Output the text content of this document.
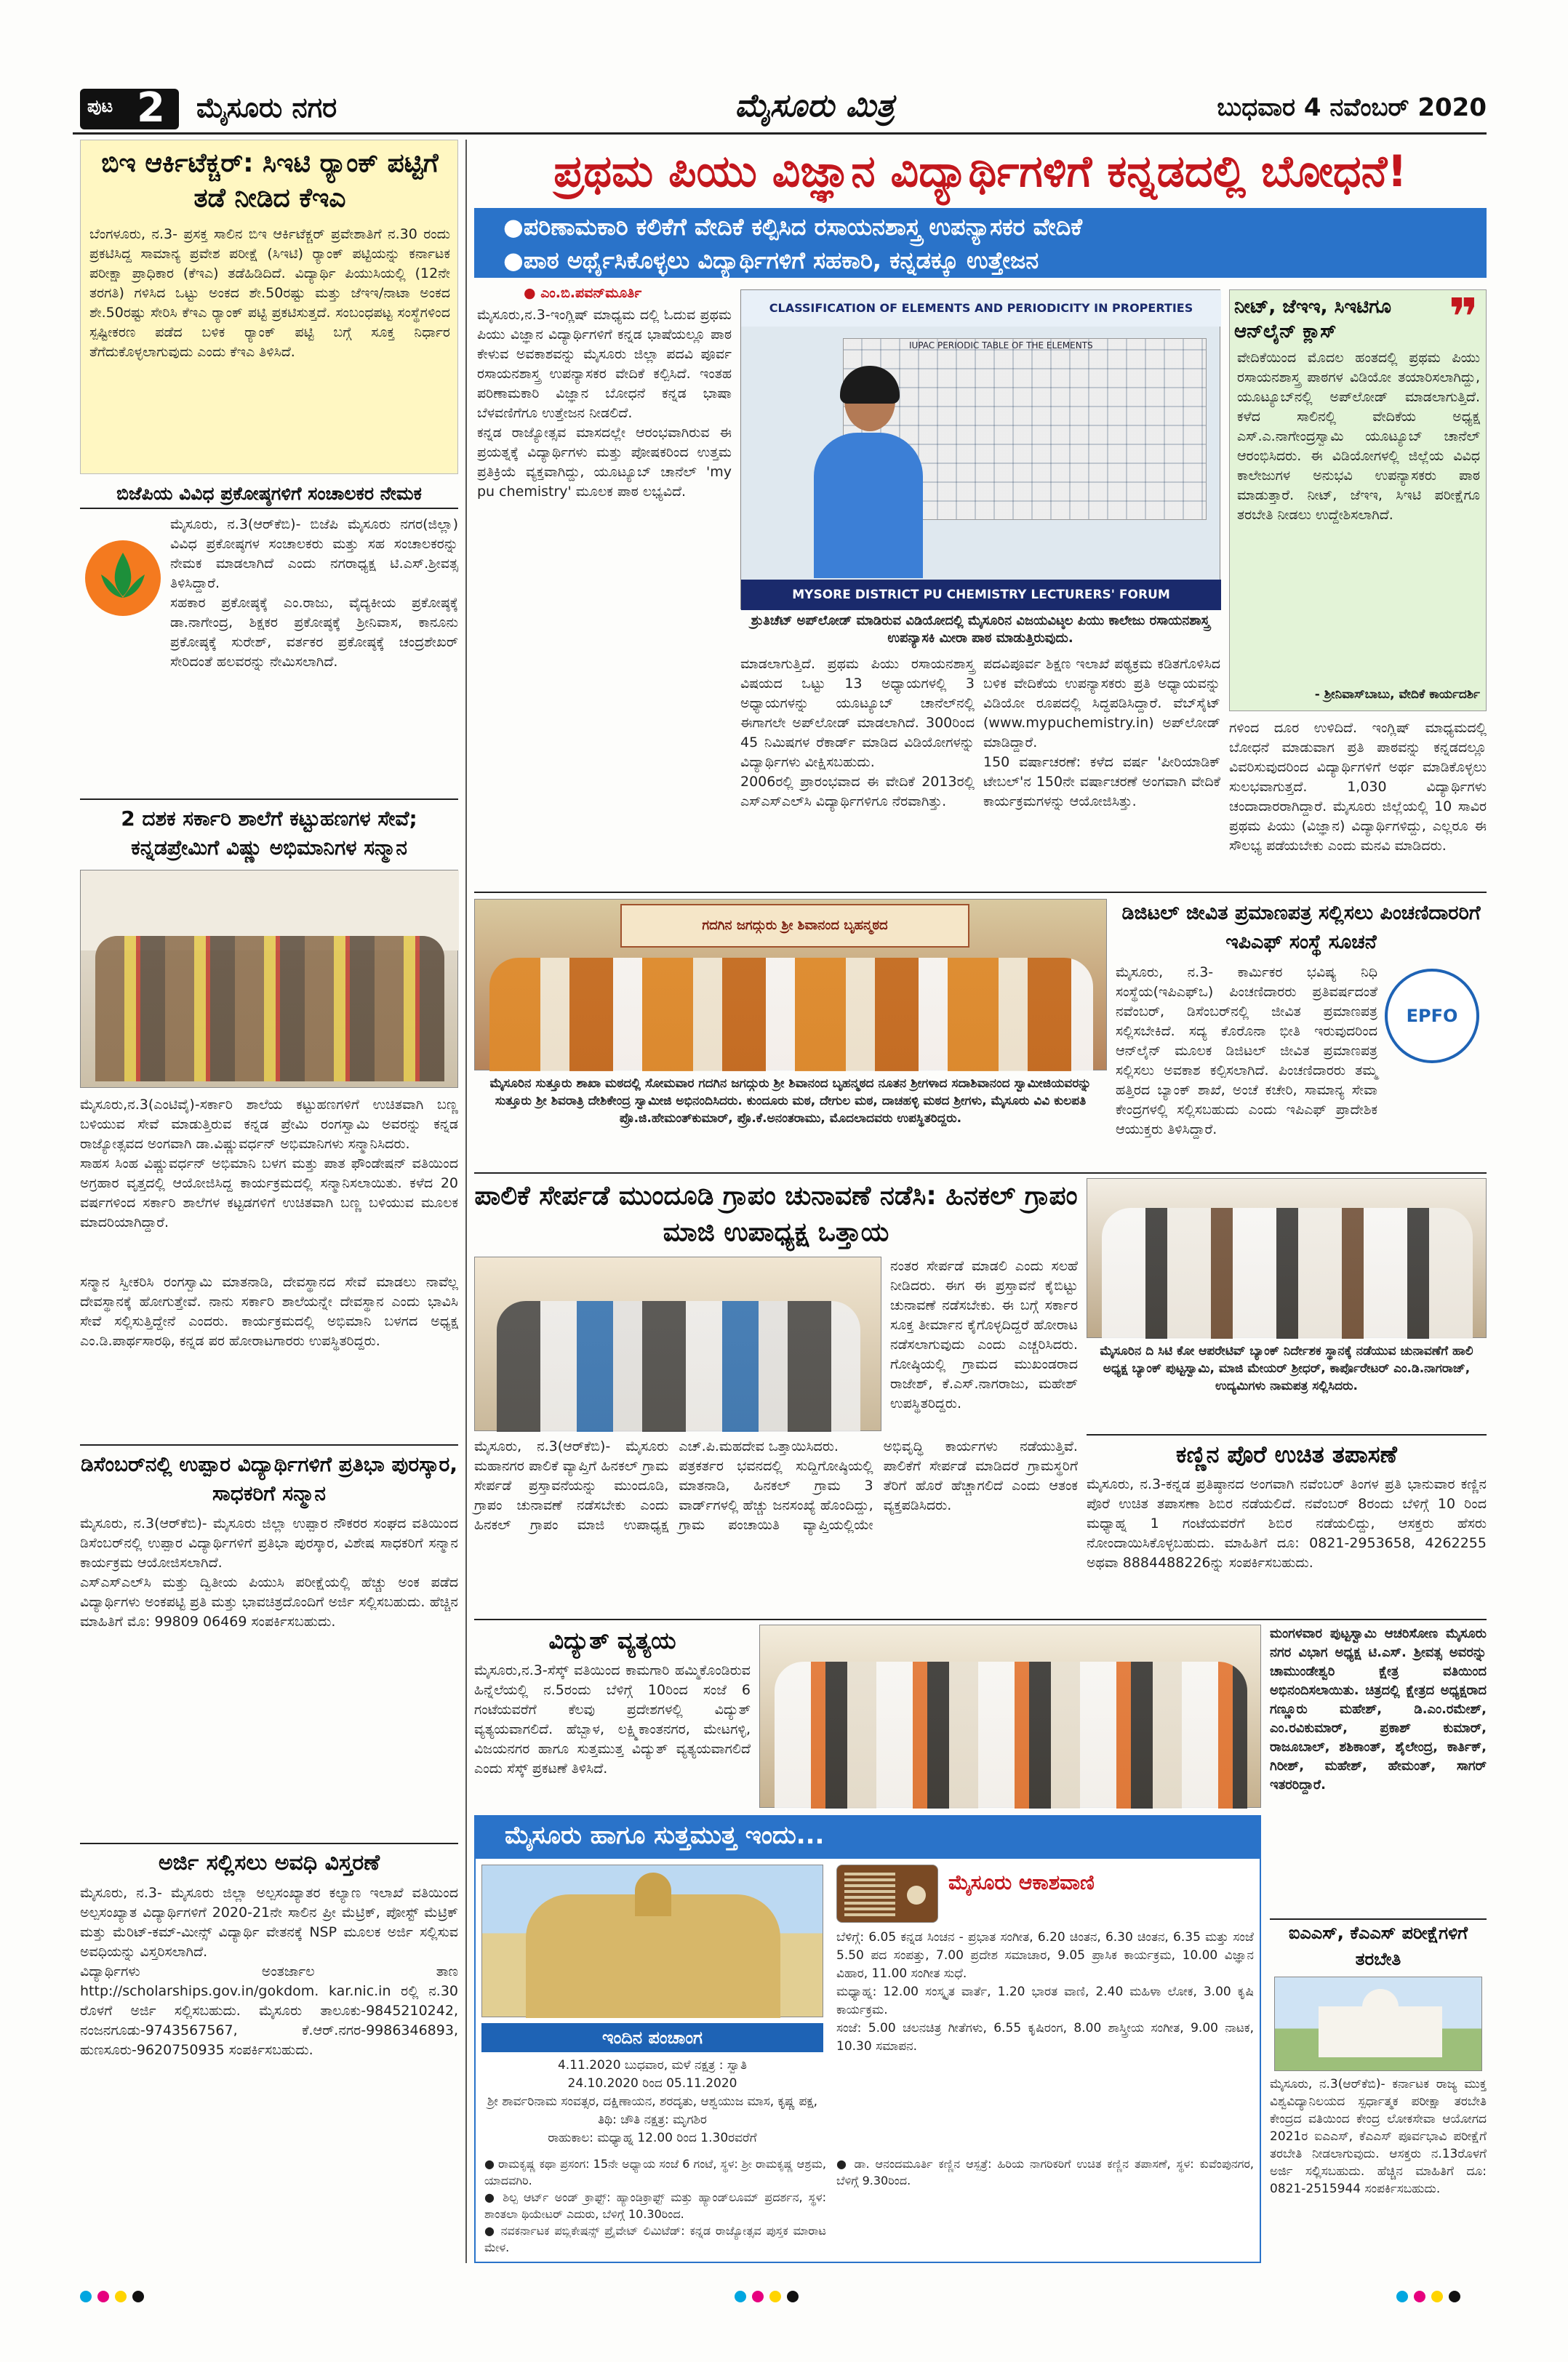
ಪುಟ 2 ಮೈಸೂರು ನಗರ	ಮೈಸೂರು ಮಿತ್ರ	ಬುಧವಾರ 4 ನವೆಂಬರ್ 2020
ಬಿಇ ಆರ್ಕಿಟೆಕ್ಚರ್: ಸಿಇಟಿ ರ‍್ಯಾಂಕ್ ಪಟ್ಟಿಗೆ ತಡೆ ನೀಡಿದ ಕೆಇಎ
ಬೆಂಗಳೂರು, ನ.3- ಪ್ರಸಕ್ತ ಸಾಲಿನ ಬಿಇ ಆರ್ಕಿಟೆಕ್ಚರ್ ಪ್ರವೇಶಾತಿಗೆ ನ.30 ರಂದು ಪ್ರಕಟಿಸಿದ್ದ ಸಾಮಾನ್ಯ ಪ್ರವೇಶ ಪರೀಕ್ಷೆ (ಸಿಇಟಿ) ರ‍್ಯಾಂಕ್ ಪಟ್ಟಿಯನ್ನು ಕರ್ನಾಟಕ ಪರೀಕ್ಷಾ ಪ್ರಾಧಿಕಾರ (ಕೆಇಎ) ತಡೆಹಿಡಿದಿದೆ. ವಿದ್ಯಾರ್ಥಿ ಪಿಯುಸಿಯಲ್ಲಿ (12ನೇ ತರಗತಿ) ಗಳಿಸಿದ ಒಟ್ಟು ಅಂಕದ ಶೇ.50ರಷ್ಟು ಮತ್ತು ಜೆಇಇ/ನಾಟಾ ಅಂಕದ ಶೇ.50ರಷ್ಟು ಸೇರಿಸಿ ಕೆಇಎ ರ‍್ಯಾಂಕ್ ಪಟ್ಟಿ ಪ್ರಕಟಿಸುತ್ತದೆ. ಸಂಬಂಧಪಟ್ಟ ಸಂಸ್ಥೆಗಳಿಂದ ಸ್ಪಷ್ಟೀಕರಣ ಪಡೆದ ಬಳಿಕ ರ‍್ಯಾಂಕ್ ಪಟ್ಟಿ ಬಗ್ಗೆ ಸೂಕ್ತ ನಿರ್ಧಾರ ತೆಗೆದುಕೊಳ್ಳಲಾಗುವುದು ಎಂದು ಕೆಇಎ ತಿಳಿಸಿದೆ.
ಬಿಜೆಪಿಯ ವಿವಿಧ ಪ್ರಕೋಷ್ಠಗಳಿಗೆ ಸಂಚಾಲಕರ ನೇಮಕ
ಮೈಸೂರು, ನ.3(ಆರ್‌ಕೆಬಿ)- ಬಿಜೆಪಿ ಮೈಸೂರು ನಗರ(ಜಿಲ್ಲಾ) ವಿವಿಧ ಪ್ರಕೋಷ್ಠಗಳ ಸಂಚಾಲಕರು ಮತ್ತು ಸಹ ಸಂಚಾಲಕರನ್ನು ನೇಮಕ ಮಾಡಲಾಗಿದೆ ಎಂದು ನಗರಾಧ್ಯಕ್ಷ ಟಿ.ಎಸ್.ಶ್ರೀವತ್ಸ ತಿಳಿಸಿದ್ದಾರೆ.
ಸಹಕಾರ ಪ್ರಕೋಷ್ಠಕ್ಕೆ ಎಂ.ರಾಜು, ವೈದ್ಯಕೀಯ ಪ್ರಕೋಷ್ಠಕ್ಕೆ ಡಾ.ನಾಗೇಂದ್ರ, ಶಿಕ್ಷಕರ ಪ್ರಕೋಷ್ಠಕ್ಕೆ ಶ್ರೀನಿವಾಸ, ಕಾನೂನು ಪ್ರಕೋಷ್ಠಕ್ಕೆ ಸುರೇಶ್, ವರ್ತಕರ ಪ್ರಕೋಷ್ಠಕ್ಕೆ ಚಂದ್ರಶೇಖರ್ ಸೇರಿದಂತೆ ಹಲವರನ್ನು ನೇಮಿಸಲಾಗಿದೆ.
2 ದಶಕ ಸರ್ಕಾರಿ ಶಾಲೆಗೆ ಕಟ್ಟುಹಣಗಳ ಸೇವೆ; ಕನ್ನಡಪ್ರೇಮಿಗೆ ವಿಷ್ಣು ಅಭಿಮಾನಿಗಳ ಸನ್ಮಾನ
ಮೈಸೂರು,ನ.3(ಎಂಟಿವೈ)-ಸರ್ಕಾರಿ ಶಾಲೆಯ ಕಟ್ಟುಹಣಗಳಿಗೆ ಉಚಿತವಾಗಿ ಬಣ್ಣ ಬಳಿಯುವ ಸೇವೆ ಮಾಡುತ್ತಿರುವ ಕನ್ನಡ ಪ್ರೇಮಿ ರಂಗಸ್ವಾಮಿ ಅವರನ್ನು ಕನ್ನಡ ರಾಜ್ಯೋತ್ಸವದ ಅಂಗವಾಗಿ ಡಾ.ವಿಷ್ಣುವರ್ಧನ್ ಅಭಿಮಾನಿಗಳು ಸನ್ಮಾನಿಸಿದರು.
ಸಾಹಸ ಸಿಂಹ ವಿಷ್ಣುವರ್ಧನ್ ಅಭಿಮಾನಿ ಬಳಗ ಮತ್ತು ಪಾತ ಫೌಂಡೇಷನ್ ವತಿಯಿಂದ ಅಗ್ರಹಾರ ವೃತ್ತದಲ್ಲಿ ಆಯೋಜಿಸಿದ್ದ ಕಾರ್ಯಕ್ರಮದಲ್ಲಿ ಸನ್ಮಾನಿಸಲಾಯಿತು. ಕಳೆದ 20 ವರ್ಷಗಳಿಂದ ಸರ್ಕಾರಿ ಶಾಲೆಗಳ ಕಟ್ಟಡಗಳಿಗೆ ಉಚಿತವಾಗಿ ಬಣ್ಣ ಬಳಿಯುವ ಮೂಲಕ ಮಾದರಿಯಾಗಿದ್ದಾರೆ.
ಸನ್ಮಾನ ಸ್ವೀಕರಿಸಿ ರಂಗಸ್ವಾಮಿ ಮಾತನಾಡಿ, ದೇವಸ್ಥಾನದ ಸೇವೆ ಮಾಡಲು ನಾವೆಲ್ಲ ದೇವಸ್ಥಾನಕ್ಕೆ ಹೋಗುತ್ತೇವೆ. ನಾನು ಸರ್ಕಾರಿ ಶಾಲೆಯನ್ನೇ ದೇವಸ್ಥಾನ ಎಂದು ಭಾವಿಸಿ ಸೇವೆ ಸಲ್ಲಿಸುತ್ತಿದ್ದೇನೆ ಎಂದರು. ಕಾರ್ಯಕ್ರಮದಲ್ಲಿ ಅಭಿಮಾನಿ ಬಳಗದ ಅಧ್ಯಕ್ಷ ಎಂ.ಡಿ.ಪಾರ್ಥಸಾರಥಿ, ಕನ್ನಡ ಪರ ಹೋರಾಟಗಾರರು ಉಪಸ್ಥಿತರಿದ್ದರು.
ಡಿಸೆಂಬರ್‌ನಲ್ಲಿ ಉಪ್ಪಾರ ವಿದ್ಯಾರ್ಥಿಗಳಿಗೆ ಪ್ರತಿಭಾ ಪುರಸ್ಕಾರ, ಸಾಧಕರಿಗೆ ಸನ್ಮಾನ
ಮೈಸೂರು, ನ.3(ಆರ್‌ಕೆಬಿ)- ಮೈಸೂರು ಜಿಲ್ಲಾ ಉಪ್ಪಾರ ನೌಕರರ ಸಂಘದ ವತಿಯಿಂದ ಡಿಸೆಂಬರ್‌ನಲ್ಲಿ ಉಪ್ಪಾರ ವಿದ್ಯಾರ್ಥಿಗಳಿಗೆ ಪ್ರತಿಭಾ ಪುರಸ್ಕಾರ, ವಿಶೇಷ ಸಾಧಕರಿಗೆ ಸನ್ಮಾನ ಕಾರ್ಯಕ್ರಮ ಆಯೋಜಿಸಲಾಗಿದೆ.
ಎಸ್ಎಸ್ಎಲ್‌ಸಿ ಮತ್ತು ದ್ವಿತೀಯ ಪಿಯುಸಿ ಪರೀಕ್ಷೆಯಲ್ಲಿ ಹೆಚ್ಚು ಅಂಕ ಪಡೆದ ವಿದ್ಯಾರ್ಥಿಗಳು ಅಂಕಪಟ್ಟಿ ಪ್ರತಿ ಮತ್ತು ಭಾವಚಿತ್ರದೊಂದಿಗೆ ಅರ್ಜಿ ಸಲ್ಲಿಸಬಹುದು. ಹೆಚ್ಚಿನ ಮಾಹಿತಿಗೆ ಮೊ: 99809 06469 ಸಂಪರ್ಕಿಸಬಹುದು.
ಅರ್ಜಿ ಸಲ್ಲಿಸಲು ಅವಧಿ ವಿಸ್ತರಣೆ
ಮೈಸೂರು, ನ.3- ಮೈಸೂರು ಜಿಲ್ಲಾ ಅಲ್ಪಸಂಖ್ಯಾತರ ಕಲ್ಯಾಣ ಇಲಾಖೆ ವತಿಯಿಂದ ಅಲ್ಪಸಂಖ್ಯಾತ ವಿದ್ಯಾರ್ಥಿಗಳಿಗೆ 2020-21ನೇ ಸಾಲಿನ ಪ್ರೀ ಮೆಟ್ರಿಕ್, ಪೋಸ್ಟ್ ಮೆಟ್ರಿಕ್ ಮತ್ತು ಮೆರಿಟ್-ಕಮ್-ಮೀನ್ಸ್ ವಿದ್ಯಾರ್ಥಿ ವೇತನಕ್ಕೆ NSP ಮೂಲಕ ಅರ್ಜಿ ಸಲ್ಲಿಸುವ ಅವಧಿಯನ್ನು ವಿಸ್ತರಿಸಲಾಗಿದೆ.
ವಿದ್ಯಾರ್ಥಿಗಳು ಅಂತರ್ಜಾಲ ತಾಣ http://scholarships.gov.in/gokdom. kar.nic.in ರಲ್ಲಿ ನ.30 ರೊಳಗೆ ಅರ್ಜಿ ಸಲ್ಲಿಸಬಹುದು. ಮೈಸೂರು ತಾಲೂಕು-9845210242, ನಂಜನಗೂಡು-9743567567, ಕೆ.ಆರ್.ನಗರ-9986346893, ಹುಣಸೂರು-9620750935 ಸಂಪರ್ಕಿಸಬಹುದು.
ಪ್ರಥಮ ಪಿಯು ವಿಜ್ಞಾನ ವಿದ್ಯಾರ್ಥಿಗಳಿಗೆ ಕನ್ನಡದಲ್ಲಿ ಬೋಧನೆ!
●ಪರಿಣಾಮಕಾರಿ ಕಲಿಕೆಗೆ ವೇದಿಕೆ ಕಲ್ಪಿಸಿದ ರಸಾಯನಶಾಸ್ತ್ರ ಉಪನ್ಯಾಸಕರ ವೇದಿಕೆ
●ಪಾಠ ಅರ್ಥೈಸಿಕೊಳ್ಳಲು ವಿದ್ಯಾರ್ಥಿಗಳಿಗೆ ಸಹಕಾರಿ, ಕನ್ನಡಕ್ಕೂ ಉತ್ತೇಜನ
● ಎಂ.ಬಿ.ಪವನ್‌ಮೂರ್ತಿ
ಮೈಸೂರು,ನ.3-ಇಂಗ್ಲಿಷ್ ಮಾಧ್ಯಮ ದಲ್ಲಿ ಓದುವ ಪ್ರಥಮ ಪಿಯು ವಿಜ್ಞಾನ ವಿದ್ಯಾರ್ಥಿಗಳಿಗೆ ಕನ್ನಡ ಭಾಷೆಯಲ್ಲೂ ಪಾಠ ಕೇಳುವ ಅವಕಾಶವನ್ನು ಮೈಸೂರು ಜಿಲ್ಲಾ ಪದವಿ ಪೂರ್ವ ರಸಾಯನಶಾಸ್ತ್ರ ಉಪನ್ಯಾಸಕರ ವೇದಿಕೆ ಕಲ್ಪಿಸಿದೆ. ಇಂತಹ ಪರಿಣಾಮಕಾರಿ ವಿಜ್ಞಾನ ಬೋಧನೆ ಕನ್ನಡ ಭಾಷಾ ಬೆಳವಣಿಗೆಗೂ ಉತ್ತೇಜನ ನೀಡಲಿದೆ.
ಕನ್ನಡ ರಾಜ್ಯೋತ್ಸವ ಮಾಸದಲ್ಲೇ ಆರಂಭವಾಗಿರುವ ಈ ಪ್ರಯತ್ನಕ್ಕೆ ವಿದ್ಯಾರ್ಥಿಗಳು ಮತ್ತು ಪೋಷಕರಿಂದ ಉತ್ತಮ ಪ್ರತಿಕ್ರಿಯೆ ವ್ಯಕ್ತವಾಗಿದ್ದು, ಯೂಟ್ಯೂಬ್ ಚಾನೆಲ್ 'my pu chemistry' ಮೂಲಕ ಪಾಠ ಲಭ್ಯವಿದೆ.
CLASSIFICATION OF ELEMENTS AND PERIODICITY IN PROPERTIES
IUPAC PERIODIC TABLE OF THE ELEMENTS
MYSORE DISTRICT PU CHEMISTRY LECTURERS' FORUM
ಶ್ರುತಿಚೆಟ್ ಅಪ್‌ಲೋಡ್ ಮಾಡಿರುವ ವಿಡಿಯೋದಲ್ಲಿ ಮೈಸೂರಿನ ವಿಜಯವಿಟ್ಠಲ ಪಿಯು ಕಾಲೇಜು ರಸಾಯನಶಾಸ್ತ್ರ ಉಪನ್ಯಾಸಕಿ ಮೀರಾ ಪಾಠ ಮಾಡುತ್ತಿರುವುದು.
ಮಾಡಲಾಗುತ್ತಿದೆ. ಪ್ರಥಮ ಪಿಯು ರಸಾಯನಶಾಸ್ತ್ರ ವಿಷಯದ ಒಟ್ಟು 13 ಅಧ್ಯಾಯಗಳಲ್ಲಿ 3 ಅಧ್ಯಾಯಗಳನ್ನು ಯೂಟ್ಯೂಬ್ ಚಾನೆಲ್‌ನಲ್ಲಿ ಈಗಾಗಲೇ ಅಪ್‌ಲೋಡ್ ಮಾಡಲಾಗಿದೆ. 300ರಿಂದ 45 ನಿಮಿಷಗಳ ರೆಕಾರ್ಡ್ ಮಾಡಿದ ವಿಡಿಯೋಗಳನ್ನು ವಿದ್ಯಾರ್ಥಿಗಳು ವೀಕ್ಷಿಸಬಹುದು.
2006ರಲ್ಲಿ ಪ್ರಾರಂಭವಾದ ಈ ವೇದಿಕೆ 2013ರಲ್ಲಿ ಎಸ್ಎಸ್ಎಲ್‌ಸಿ ವಿದ್ಯಾರ್ಥಿಗಳಿಗೂ ನೆರವಾಗಿತ್ತು.
ಪದವಿಪೂರ್ವ ಶಿಕ್ಷಣ ಇಲಾಖೆ ಪಠ್ಯಕ್ರಮ ಕಡಿತಗೊಳಿಸಿದ ಬಳಿಕ ವೇದಿಕೆಯ ಉಪನ್ಯಾಸಕರು ಪ್ರತಿ ಅಧ್ಯಾಯವನ್ನು ವಿಡಿಯೋ ರೂಪದಲ್ಲಿ ಸಿದ್ಧಪಡಿಸಿದ್ದಾರೆ. ವೆಬ್‌ಸೈಟ್ (www.mypuchemistry.in) ಅಪ್‌ಲೋಡ್ ಮಾಡಿದ್ದಾರೆ.
150 ವರ್ಷಾಚರಣೆ: ಕಳೆದ ವರ್ಷ 'ಪೀರಿಯಾಡಿಕ್ ಟೇಬಲ್'ನ 150ನೇ ವರ್ಷಾಚರಣೆ ಅಂಗವಾಗಿ ವೇದಿಕೆ ಕಾರ್ಯಕ್ರಮಗಳನ್ನು ಆಯೋಜಿಸಿತ್ತು.
ನೀಟ್, ಜೆಇಇ, ಸಿಇಟಿಗೂ ಆನ್‌ಲೈನ್ ಕ್ಲಾಸ್	❞
ವೇದಿಕೆಯಿಂದ ಮೊದಲ ಹಂತದಲ್ಲಿ ಪ್ರಥಮ ಪಿಯು ರಸಾಯನಶಾಸ್ತ್ರ ಪಾಠಗಳ ವಿಡಿಯೋ ತಯಾರಿಸಲಾಗಿದ್ದು, ಯೂಟ್ಯೂಬ್‌ನಲ್ಲಿ ಅಪ್‌ಲೋಡ್ ಮಾಡಲಾಗುತ್ತಿದೆ. ಕಳೆದ ಸಾಲಿನಲ್ಲಿ ವೇದಿಕೆಯ ಅಧ್ಯಕ್ಷ ಎಸ್.ಎ.ನಾಗೇಂದ್ರಸ್ವಾಮಿ ಯೂಟ್ಯೂಬ್ ಚಾನೆಲ್ ಆರಂಭಿಸಿದರು. ಈ ವಿಡಿಯೋಗಳಲ್ಲಿ ಜಿಲ್ಲೆಯ ವಿವಿಧ ಕಾಲೇಜುಗಳ ಅನುಭವಿ ಉಪನ್ಯಾಸಕರು ಪಾಠ ಮಾಡುತ್ತಾರೆ. ನೀಟ್, ಜೆಇಇ, ಸಿಇಟಿ ಪರೀಕ್ಷೆಗೂ ತರಬೇತಿ ನೀಡಲು ಉದ್ದೇಶಿಸಲಾಗಿದೆ.
- ಶ್ರೀನಿವಾಸ್‌ಬಾಬು, ವೇದಿಕೆ ಕಾರ್ಯದರ್ಶಿ
ಗಳಿಂದ ದೂರ ಉಳಿದಿದೆ. ಇಂಗ್ಲಿಷ್ ಮಾಧ್ಯಮದಲ್ಲಿ ಬೋಧನೆ ಮಾಡುವಾಗ ಪ್ರತಿ ಪಾಠವನ್ನು ಕನ್ನಡದಲ್ಲೂ ವಿವರಿಸುವುದರಿಂದ ವಿದ್ಯಾರ್ಥಿಗಳಿಗೆ ಅರ್ಥ ಮಾಡಿಕೊಳ್ಳಲು ಸುಲಭವಾಗುತ್ತದೆ. 1,030 ವಿದ್ಯಾರ್ಥಿಗಳು ಚಂದಾದಾರರಾಗಿದ್ದಾರೆ. ಮೈಸೂರು ಜಿಲ್ಲೆಯಲ್ಲಿ 10 ಸಾವಿರ ಪ್ರಥಮ ಪಿಯು (ವಿಜ್ಞಾನ) ವಿದ್ಯಾರ್ಥಿಗಳಿದ್ದು, ಎಲ್ಲರೂ ಈ ಸೌಲಭ್ಯ ಪಡೆಯಬೇಕು ಎಂದು ಮನವಿ ಮಾಡಿದರು.
ಗದಗಿನ ಜಗದ್ಗುರು ಶ್ರೀ ಶಿವಾನಂದ ಬೃಹನ್ಮಠದ
ಮೈಸೂರಿನ ಸುತ್ತೂರು ಶಾಖಾ ಮಠದಲ್ಲಿ ಸೋಮವಾರ ಗದಗಿನ ಜಗದ್ಗುರು ಶ್ರೀ ಶಿವಾನಂದ ಬೃಹನ್ಮಠದ ನೂತನ ಶ್ರೀಗಳಾದ ಸದಾಶಿವಾನಂದ ಸ್ವಾಮೀಜಿಯವರನ್ನು ಸುತ್ತೂರು ಶ್ರೀ ಶಿವರಾತ್ರಿ ದೇಶಿಕೇಂದ್ರ ಸ್ವಾಮೀಜಿ ಅಭಿನಂದಿಸಿದರು. ಕುಂದೂರು ಮಠ, ದೇಗುಲ ಮಠ, ದಾಚಹಳ್ಳಿ ಮಠದ ಶ್ರೀಗಳು, ಮೈಸೂರು ವಿವಿ ಕುಲಪತಿ ಪ್ರೊ.ಜಿ.ಹೇಮಂತ್‌ಕುಮಾರ್, ಪ್ರೊ.ಕೆ.ಅನಂತರಾಮು, ಮೊದಲಾದವರು ಉಪಸ್ಥಿತರಿದ್ದರು.
ಡಿಜಿಟಲ್ ಜೀವಿತ ಪ್ರಮಾಣಪತ್ರ ಸಲ್ಲಿಸಲು ಪಿಂಚಣಿದಾರರಿಗೆ ಇಪಿಎಫ್ ಸಂಸ್ಥೆ ಸೂಚನೆ
EPFO
ಮೈಸೂರು, ನ.3- ಕಾರ್ಮಿಕರ ಭವಿಷ್ಯ ನಿಧಿ ಸಂಸ್ಥೆಯ(ಇಪಿಎಫ್‌ಒ) ಪಿಂಚಣಿದಾರರು ಪ್ರತಿವರ್ಷದಂತೆ ನವೆಂಬರ್, ಡಿಸೆಂಬರ್‌ನಲ್ಲಿ ಜೀವಿತ ಪ್ರಮಾಣಪತ್ರ ಸಲ್ಲಿಸಬೇಕಿದೆ. ಸದ್ಯ ಕೊರೊನಾ ಭೀತಿ ಇರುವುದರಿಂದ ಆನ್‌ಲೈನ್ ಮೂಲಕ ಡಿಜಿಟಲ್ ಜೀವಿತ ಪ್ರಮಾಣಪತ್ರ ಸಲ್ಲಿಸಲು ಅವಕಾಶ ಕಲ್ಪಿಸಲಾಗಿದೆ. ಪಿಂಚಣಿದಾರರು ತಮ್ಮ ಹತ್ತಿರದ ಬ್ಯಾಂಕ್ ಶಾಖೆ, ಅಂಚೆ ಕಚೇರಿ, ಸಾಮಾನ್ಯ ಸೇವಾ ಕೇಂದ್ರಗಳಲ್ಲಿ ಸಲ್ಲಿಸಬಹುದು ಎಂದು ಇಪಿಎಫ್ ಪ್ರಾದೇಶಿಕ ಆಯುಕ್ತರು ತಿಳಿಸಿದ್ದಾರೆ.
ಪಾಲಿಕೆ ಸೇರ್ಪಡೆ ಮುಂದೂಡಿ ಗ್ರಾಪಂ ಚುನಾವಣೆ ನಡೆಸಿ: ಹಿನಕಲ್ ಗ್ರಾಪಂ ಮಾಜಿ ಉಪಾಧ್ಯಕ್ಷ ಒತ್ತಾಯ
ನಂತರ ಸೇರ್ಪಡೆ ಮಾಡಲಿ ಎಂದು ಸಲಹೆ ನೀಡಿದರು. ಈಗ ಈ ಪ್ರಸ್ತಾವನೆ ಕೈಬಿಟ್ಟು ಚುನಾವಣೆ ನಡೆಸಬೇಕು. ಈ ಬಗ್ಗೆ ಸರ್ಕಾರ ಸೂಕ್ತ ತೀರ್ಮಾನ ಕೈಗೊಳ್ಳದಿದ್ದರೆ ಹೋರಾಟ ನಡೆಸಲಾಗುವುದು ಎಂದು ಎಚ್ಚರಿಸಿದರು. ಗೋಷ್ಠಿಯಲ್ಲಿ ಗ್ರಾಮದ ಮುಖಂಡರಾದ ರಾಜೇಶ್, ಕೆ.ಎಸ್.ನಾಗರಾಜು, ಮಹೇಶ್ ಉಪಸ್ಥಿತರಿದ್ದರು.
ಮೈಸೂರು, ನ.3(ಆರ್‌ಕೆಬಿ)- ಮೈಸೂರು ಮಹಾನಗರ ಪಾಲಿಕೆ ವ್ಯಾಪ್ತಿಗೆ ಹಿನಕಲ್ ಗ್ರಾಮ ಸೇರ್ಪಡೆ ಪ್ರಸ್ತಾವನೆಯನ್ನು ಮುಂದೂಡಿ, ಗ್ರಾಪಂ ಚುನಾವಣೆ ನಡೆಸಬೇಕು ಎಂದು ಹಿನಕಲ್ ಗ್ರಾಪಂ ಮಾಜಿ ಉಪಾಧ್ಯಕ್ಷ ಎಚ್.ಪಿ.ಮಹದೇವ ಒತ್ತಾಯಿಸಿದರು.
ಪತ್ರಕರ್ತರ ಭವನದಲ್ಲಿ ಸುದ್ದಿಗೋಷ್ಠಿಯಲ್ಲಿ ಮಾತನಾಡಿ, ಹಿನಕಲ್ ಗ್ರಾಮ 3 ವಾರ್ಡ್‌ಗಳಲ್ಲಿ ಹೆಚ್ಚು ಜನಸಂಖ್ಯೆ ಹೊಂದಿದ್ದು, ಗ್ರಾಮ ಪಂಚಾಯಿತಿ ವ್ಯಾಪ್ತಿಯಲ್ಲಿಯೇ ಅಭಿವೃದ್ಧಿ ಕಾರ್ಯಗಳು ನಡೆಯುತ್ತಿವೆ. ಪಾಲಿಕೆಗೆ ಸೇರ್ಪಡೆ ಮಾಡಿದರೆ ಗ್ರಾಮಸ್ಥರಿಗೆ ತೆರಿಗೆ ಹೊರೆ ಹೆಚ್ಚಾಗಲಿದೆ ಎಂದು ಆತಂಕ ವ್ಯಕ್ತಪಡಿಸಿದರು.
ಮೈಸೂರಿನ ದಿ ಸಿಟಿ ಕೋ ಆಪರೇಟಿವ್ ಬ್ಯಾಂಕ್ ನಿರ್ದೇಶಕ ಸ್ಥಾನಕ್ಕೆ ನಡೆಯುವ ಚುನಾವಣೆಗೆ ಹಾಲಿ ಅಧ್ಯಕ್ಷ ಬ್ಯಾಂಕ್ ಪುಟ್ಟಸ್ವಾಮಿ, ಮಾಜಿ ಮೇಯರ್ ಶ್ರೀಧರ್, ಕಾರ್ಪೊರೇಟರ್ ಎಂ.ಡಿ.ನಾಗರಾಜ್, ಉದ್ಯಮಿಗಳು ನಾಮಪತ್ರ ಸಲ್ಲಿಸಿದರು.
ಕಣ್ಣಿನ ಪೊರೆ ಉಚಿತ ತಪಾಸಣೆ
ಮೈಸೂರು, ನ.3-ಕನ್ನಡ ಪ್ರತಿಷ್ಠಾನದ ಅಂಗವಾಗಿ ನವೆಂಬರ್ ತಿಂಗಳ ಪ್ರತಿ ಭಾನುವಾರ ಕಣ್ಣಿನ ಪೊರೆ ಉಚಿತ ತಪಾಸಣಾ ಶಿಬಿರ ನಡೆಯಲಿದೆ. ನವೆಂಬರ್ 8ರಂದು ಬೆಳಿಗ್ಗೆ 10 ರಿಂದ ಮಧ್ಯಾಹ್ನ 1 ಗಂಟೆಯವರೆಗೆ ಶಿಬಿರ ನಡೆಯಲಿದ್ದು, ಆಸಕ್ತರು ಹೆಸರು ನೋಂದಾಯಿಸಿಕೊಳ್ಳಬಹುದು. ಮಾಹಿತಿಗೆ ದೂ: 0821-2953658, 4262255 ಅಥವಾ 8884488226ನ್ನು ಸಂಪರ್ಕಿಸಬಹುದು.
ವಿದ್ಯುತ್ ವ್ಯತ್ಯಯ
ಮೈಸೂರು,ನ.3-ಸೆಸ್ಕ್ ವತಿಯಿಂದ ಕಾಮಗಾರಿ ಹಮ್ಮಿಕೊಂಡಿರುವ ಹಿನ್ನೆಲೆಯಲ್ಲಿ ನ.5ರಂದು ಬೆಳಿಗ್ಗೆ 10ರಿಂದ ಸಂಜೆ 6 ಗಂಟೆಯವರೆಗೆ ಕೆಲವು ಪ್ರದೇಶಗಳಲ್ಲಿ ವಿದ್ಯುತ್ ವ್ಯತ್ಯಯವಾಗಲಿದೆ. ಹೆಬ್ಬಾಳ, ಲಕ್ಷ್ಮಿಕಾಂತನಗರ, ಮೇಟಗಳ್ಳಿ, ವಿಜಯನಗರ ಹಾಗೂ ಸುತ್ತಮುತ್ತ ವಿದ್ಯುತ್ ವ್ಯತ್ಯಯವಾಗಲಿದೆ ಎಂದು ಸೆಸ್ಕ್ ಪ್ರಕಟಣೆ ತಿಳಿಸಿದೆ.
ಮಂಗಳವಾರ ಪುಟ್ಟಸ್ವಾಮಿ ಆಚರಿಸೋಣ ಮೈಸೂರು ನಗರ ವಿಭಾಗ ಅಧ್ಯಕ್ಷ ಟಿ.ಎಸ್. ಶ್ರೀವತ್ಸ ಅವರನ್ನು ಚಾಮುಂಡೇಶ್ವರಿ ಕ್ಷೇತ್ರ ವತಿಯಿಂದ ಅಭಿನಂದಿಸಲಾಯಿತು. ಚಿತ್ರದಲ್ಲಿ ಕ್ಷೇತ್ರದ ಅಧ್ಯಕ್ಷರಾದ ಗಣ್ಣೂರು ಮಹೇಶ್, ಡಿ.ಎಂ.ರಮೇಶ್, ಎಂ.ರವಿಕುಮಾರ್, ಪ್ರಕಾಶ್ ಕುಮಾರ್, ರಾಜೂಬಾಲ್, ಶಶಿಕಾಂತ್, ಶೈಲೇಂದ್ರ, ಕಾರ್ತಿಕ್, ಗಿರೀಶ್, ಮಹೇಶ್, ಹೇಮಂತ್, ಸಾಗರ್ ಇತರರಿದ್ದಾರೆ.
ಮೈಸೂರು ಹಾಗೂ ಸುತ್ತಮುತ್ತ ಇಂದು...
ಇಂದಿನ ಪಂಚಾಂಗ
4.11.2020 ಬುಧವಾರ, ಮಳೆ ನಕ್ಷತ್ರ : ಸ್ವಾತಿ
24.10.2020 ರಿಂದ 05.11.2020
ಶ್ರೀ ಶಾರ್ವರಿನಾಮ ಸಂವತ್ಸರ, ದಕ್ಷಿಣಾಯನ, ಶರದೃತು, ಆಶ್ವಯುಜ ಮಾಸ, ಕೃಷ್ಣ ಪಕ್ಷ, ತಿಥಿ: ಚೌತಿ ನಕ್ಷತ್ರ: ಮೃಗಶಿರ
ರಾಹುಕಾಲ: ಮಧ್ಯಾಹ್ನ 12.00 ರಿಂದ 1.30ರವರೆಗೆ
ಮೈಸೂರು ಆಕಾಶವಾಣಿ
ಬೆಳಿಗ್ಗೆ: 6.05 ಕನ್ನಡ ಸಿಂಚನ - ಪ್ರಭಾತ ಸಂಗೀತ, 6.20 ಚಿಂತನ, 6.30 ಚಿಂತನ, 6.35 ಮತ್ತು ಸಂಜೆ 5.50 ಪದ ಸಂಪತ್ತು, 7.00 ಪ್ರದೇಶ ಸಮಾಚಾರ, 9.05 ಪ್ರಾಸಿಕ ಕಾರ್ಯಕ್ರಮ, 10.00 ವಿಜ್ಞಾನ ವಿಹಾರ, 11.00 ಸಂಗೀತ ಸುಧೆ.
ಮಧ್ಯಾಹ್ನ: 12.00 ಸಂಸ್ಕೃತ ವಾರ್ತೆ, 1.20 ಭಾರತ ವಾಣಿ, 2.40 ಮಹಿಳಾ ಲೋಕ, 3.00 ಕೃಷಿ ಕಾರ್ಯಕ್ರಮ.
ಸಂಜೆ: 5.00 ಚಲನಚಿತ್ರ ಗೀತೆಗಳು, 6.55 ಕೃಷಿರಂಗ, 8.00 ಶಾಸ್ತ್ರೀಯ ಸಂಗೀತ, 9.00 ನಾಟಕ, 10.30 ಸಮಾಪನ.
● ರಾಮಕೃಷ್ಣ ಕಥಾ ಪ್ರಸಂಗ: 15ನೇ ಅಧ್ಯಾಯ ಸಂಜೆ 6 ಗಂಟೆ, ಸ್ಥಳ: ಶ್ರೀ ರಾಮಕೃಷ್ಣ ಆಶ್ರಮ, ಯಾದವಗಿರಿ.
● ಶಿಲ್ಪ ಆರ್ಟ್ ಅಂಡ್ ಕ್ರಾಫ್ಟ್: ಹ್ಯಾಂಡಿಕ್ರಾಫ್ಟ್ ಮತ್ತು ಹ್ಯಾಂಡ್‌ಲೂಮ್ ಪ್ರದರ್ಶನ, ಸ್ಥಳ: ಶಾಂತಲಾ ಥಿಯೇಟರ್ ಎದುರು, ಬೆಳಿಗ್ಗೆ 10.30ರಿಂದ.
● ನವಕರ್ನಾಟಕ ಪಬ್ಲಿಕೇಷನ್ಸ್ ಪ್ರೈವೇಟ್ ಲಿಮಿಟೆಡ್: ಕನ್ನಡ ರಾಜ್ಯೋತ್ಸವ ಪುಸ್ತಕ ಮಾರಾಟ ಮೇಳ.
● ಡಾ. ಆನಂದಮೂರ್ತಿ ಕಣ್ಣಿನ ಆಸ್ಪತ್ರೆ: ಹಿರಿಯ ನಾಗರಿಕರಿಗೆ ಉಚಿತ ಕಣ್ಣಿನ ತಪಾಸಣೆ, ಸ್ಥಳ: ಕುವೆಂಪುನಗರ, ಬೆಳಿಗ್ಗೆ 9.30ರಿಂದ.
ಐಎಎಸ್, ಕೆಎಎಸ್ ಪರೀಕ್ಷೆಗಳಿಗೆ ತರಬೇತಿ
ಮೈಸೂರು, ನ.3(ಆರ್‌ಕೆಬಿ)- ಕರ್ನಾಟಕ ರಾಜ್ಯ ಮುಕ್ತ ವಿಶ್ವವಿದ್ಯಾನಿಲಯದ ಸ್ಪರ್ಧಾತ್ಮಕ ಪರೀಕ್ಷಾ ತರಬೇತಿ ಕೇಂದ್ರದ ವತಿಯಿಂದ ಕೇಂದ್ರ ಲೋಕಸೇವಾ ಆಯೋಗದ 2021ರ ಐಎಎಸ್, ಕೆಎಎಸ್ ಪೂರ್ವಭಾವಿ ಪರೀಕ್ಷೆಗೆ ತರಬೇತಿ ನೀಡಲಾಗುವುದು. ಆಸಕ್ತರು ನ.13ರೊಳಗೆ ಅರ್ಜಿ ಸಲ್ಲಿಸಬಹುದು. ಹೆಚ್ಚಿನ ಮಾಹಿತಿಗೆ ದೂ: 0821-2515944 ಸಂಪರ್ಕಿಸಬಹುದು.
